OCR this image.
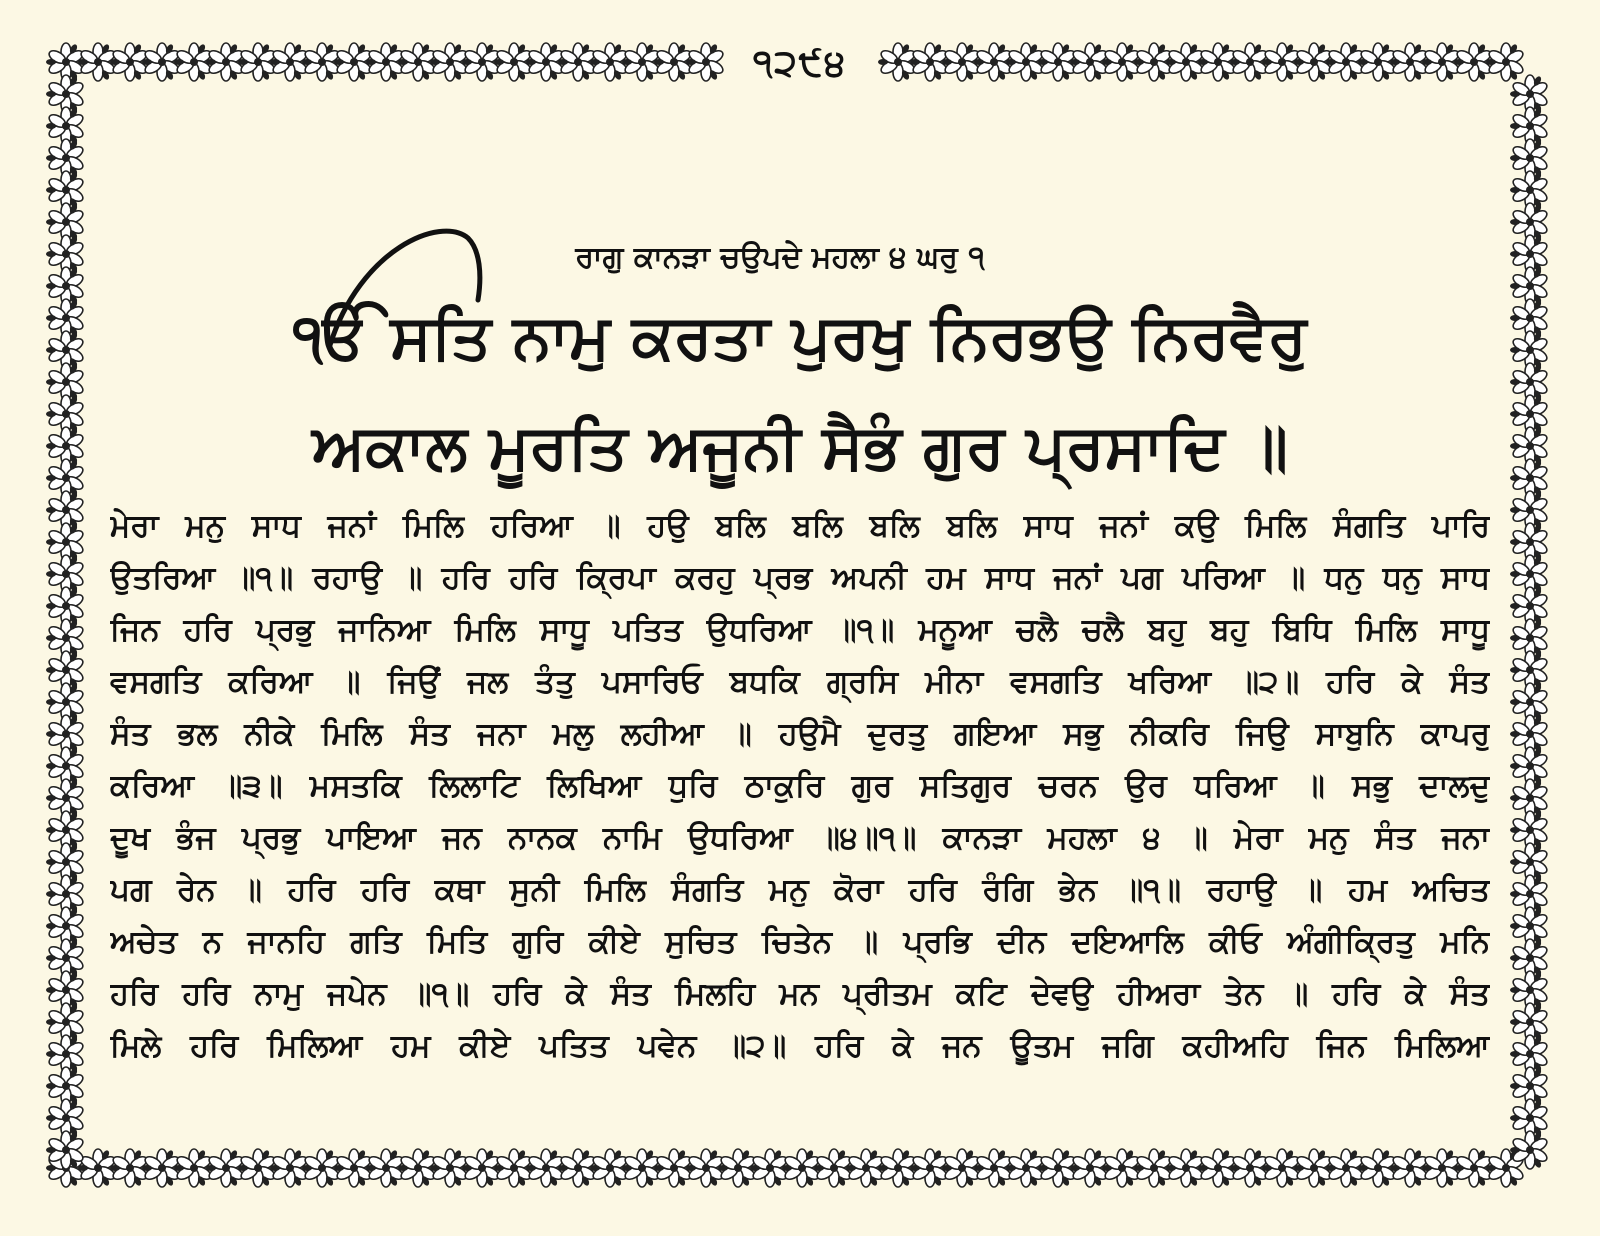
੧੨੯੪
ਰਾਗੁ ਕਾਨੜਾ ਚਉਪਦੇ ਮਹਲਾ ੪ ਘਰੁ ੧
ੴ ਸਤਿ ਨਾਮੁ ਕਰਤਾ ਪੁਰਖੁ ਨਿਰਭਉ ਨਿਰਵੈਰੁ
ਅਕਾਲ ਮੂਰਤਿ ਅਜੂਨੀ ਸੈਭੰ ਗੁਰ ਪ੍ਰਸਾਦਿ ॥
ਮੇਰਾ ਮਨੁ ਸਾਧ ਜਨਾਂ ਮਿਲਿ ਹਰਿਆ ॥ ਹਉ ਬਲਿ ਬਲਿ ਬਲਿ ਬਲਿ ਸਾਧ ਜਨਾਂ ਕਉ ਮਿਲਿ ਸੰਗਤਿ ਪਾਰਿ
ਉਤਰਿਆ ॥੧॥ ਰਹਾਉ ॥ ਹਰਿ ਹਰਿ ਕ੍ਰਿਪਾ ਕਰਹੁ ਪ੍ਰਭ ਅਪਨੀ ਹਮ ਸਾਧ ਜਨਾਂ ਪਗ ਪਰਿਆ ॥ ਧਨੁ ਧਨੁ ਸਾਧ
ਜਿਨ ਹਰਿ ਪ੍ਰਭੁ ਜਾਨਿਆ ਮਿਲਿ ਸਾਧੂ ਪਤਿਤ ਉਧਰਿਆ ॥੧॥ ਮਨੂਆ ਚਲੈ ਚਲੈ ਬਹੁ ਬਹੁ ਬਿਧਿ ਮਿਲਿ ਸਾਧੂ
ਵਸਗਤਿ ਕਰਿਆ ॥ ਜਿਉਂ ਜਲ ਤੰਤੁ ਪਸਾਰਿਓ ਬਧਕਿ ਗ੍ਰਸਿ ਮੀਨਾ ਵਸਗਤਿ ਖਰਿਆ ॥੨॥ ਹਰਿ ਕੇ ਸੰਤ
ਸੰਤ ਭਲ ਨੀਕੇ ਮਿਲਿ ਸੰਤ ਜਨਾ ਮਲੁ ਲਹੀਆ ॥ ਹਉਮੈ ਦੁਰਤੁ ਗਇਆ ਸਭੁ ਨੀਕਰਿ ਜਿਉ ਸਾਬੁਨਿ ਕਾਪਰੁ
ਕਰਿਆ ॥੩॥ ਮਸਤਕਿ ਲਿਲਾਟਿ ਲਿਖਿਆ ਧੁਰਿ ਠਾਕੁਰਿ ਗੁਰ ਸਤਿਗੁਰ ਚਰਨ ਉਰ ਧਰਿਆ ॥ ਸਭੁ ਦਾਲਦੁ
ਦੂਖ ਭੰਜ ਪ੍ਰਭੁ ਪਾਇਆ ਜਨ ਨਾਨਕ ਨਾਮਿ ਉਧਰਿਆ ॥੪॥੧॥ ਕਾਨੜਾ ਮਹਲਾ ੪ ॥ ਮੇਰਾ ਮਨੁ ਸੰਤ ਜਨਾ
ਪਗ ਰੇਨ ॥ ਹਰਿ ਹਰਿ ਕਥਾ ਸੁਨੀ ਮਿਲਿ ਸੰਗਤਿ ਮਨੁ ਕੋਰਾ ਹਰਿ ਰੰਗਿ ਭੇਨ ॥੧॥ ਰਹਾਉ ॥ ਹਮ ਅਚਿਤ
ਅਚੇਤ ਨ ਜਾਨਹਿ ਗਤਿ ਮਿਤਿ ਗੁਰਿ ਕੀਏ ਸੁਚਿਤ ਚਿਤੇਨ ॥ ਪ੍ਰਭਿ ਦੀਨ ਦਇਆਲਿ ਕੀਓ ਅੰਗੀਕ੍ਰਿਤੁ ਮਨਿ
ਹਰਿ ਹਰਿ ਨਾਮੁ ਜਪੇਨ ॥੧॥ ਹਰਿ ਕੇ ਸੰਤ ਮਿਲਹਿ ਮਨ ਪ੍ਰੀਤਮ ਕਟਿ ਦੇਵਉ ਹੀਅਰਾ ਤੇਨ ॥ ਹਰਿ ਕੇ ਸੰਤ
ਮਿਲੇ ਹਰਿ ਮਿਲਿਆ ਹਮ ਕੀਏ ਪਤਿਤ ਪਵੇਨ ॥੨॥ ਹਰਿ ਕੇ ਜਨ ਊਤਮ ਜਗਿ ਕਹੀਅਹਿ ਜਿਨ ਮਿਲਿਆ
